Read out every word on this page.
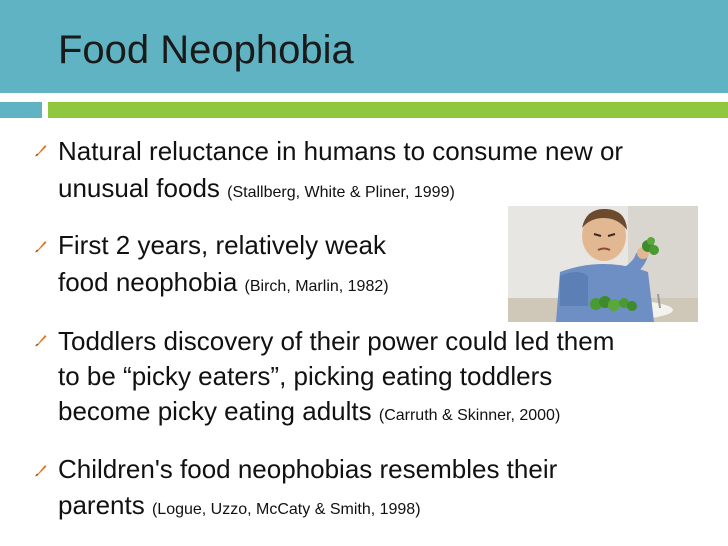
Food Neophobia
Natural reluctance in humans to consume new or
unusual foods (Stallberg, White & Pliner, 1999)
First 2 years, relatively weak
food neophobia (Birch, Marlin, 1982)
Toddlers discovery of their power could led them
to be “picky eaters”, picking eating toddlers
become picky eating adults (Carruth & Skinner, 2000)
Children's food neophobias resembles their
parents (Logue, Uzzo, McCaty & Smith, 1998)
